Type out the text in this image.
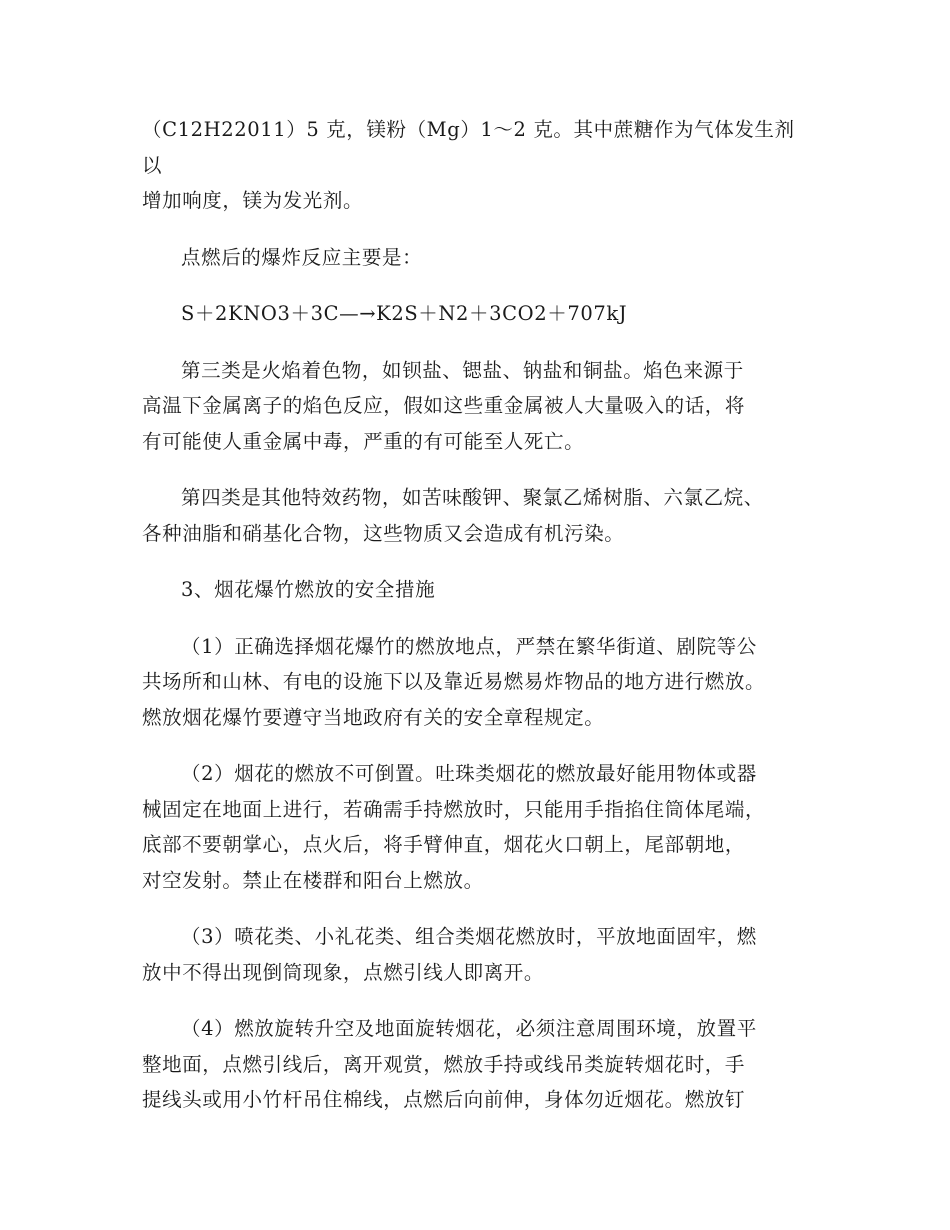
（C12H22011）5 克，镁粉（Mg）1～2 克。其中蔗糖作为气体发生剂以
增加响度，镁为发光剂。

点燃后的爆炸反应主要是：

S＋2KNO3＋3C—→K2S＋N2＋3CO2＋707kJ

第三类是火焰着色物，如钡盐、锶盐、钠盐和铜盐。焰色来源于
高温下金属离子的焰色反应，假如这些重金属被人大量吸入的话，将
有可能使人重金属中毒，严重的有可能至人死亡。

第四类是其他特效药物，如苦味酸钾、聚氯乙烯树脂、六氯乙烷、
各种油脂和硝基化合物，这些物质又会造成有机污染。

3、烟花爆竹燃放的安全措施

（1）正确选择烟花爆竹的燃放地点，严禁在繁华街道、剧院等公
共场所和山林、有电的设施下以及靠近易燃易炸物品的地方进行燃放。
燃放烟花爆竹要遵守当地政府有关的安全章程规定。

（2）烟花的燃放不可倒置。吐珠类烟花的燃放最好能用物体或器
械固定在地面上进行，若确需手持燃放时，只能用手指掐住筒体尾端，
底部不要朝掌心，点火后，将手臂伸直，烟花火口朝上，尾部朝地，
对空发射。禁止在楼群和阳台上燃放。

（3）喷花类、小礼花类、组合类烟花燃放时，平放地面固牢，燃
放中不得出现倒筒现象，点燃引线人即离开。

（4）燃放旋转升空及地面旋转烟花，必须注意周围环境，放置平
整地面，点燃引线后，离开观赏，燃放手持或线吊类旋转烟花时，手
提线头或用小竹杆吊住棉线，点燃后向前伸，身体勿近烟花。燃放钉
